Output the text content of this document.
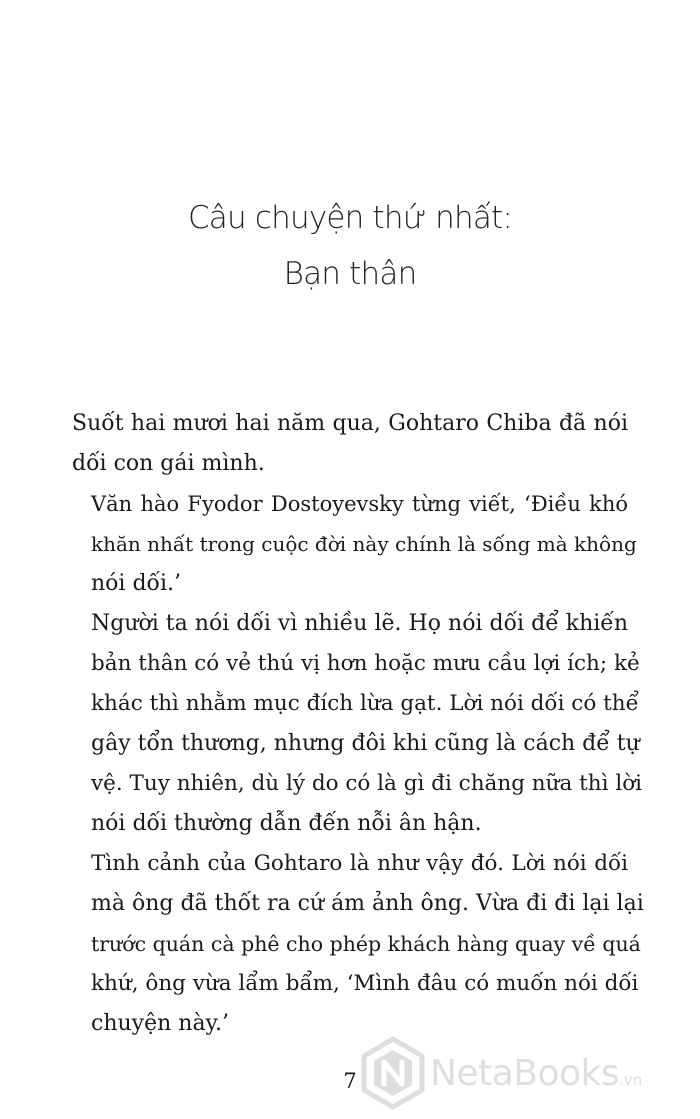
Câu chuyện thứ nhất:
Bạn thân

Suốt hai mươi hai năm qua, Gohtaro Chiba đã nói
dối con gái mình.

Văn hào Fyodor Dostoyevsky từng viết, ‘Điều khó
khăn nhất trong cuộc đời này chính là sống mà không
nói dối.’

Người ta nói dối vì nhiều lẽ. Họ nói dối để khiến
bản thân có vẻ thú vị hơn hoặc mưu cầu lợi ích; kẻ
khác thì nhằm mục đích lừa gạt. Lời nói dối có thể
gây tổn thương, nhưng đôi khi cũng là cách để tự
vệ. Tuy nhiên, dù lý do có là gì đi chăng nữa thì lời
nói dối thường dẫn đến nỗi ân hận.

Tình cảnh của Gohtaro là như vậy đó. Lời nói dối
mà ông đã thốt ra cứ ám ảnh ông. Vừa đi đi lại lại
trước quán cà phê cho phép khách hàng quay về quá
khứ, ông vừa lẩm bẩm, ‘Mình đâu có muốn nói dối
chuyện này.’

7 NetaBooks.vn
